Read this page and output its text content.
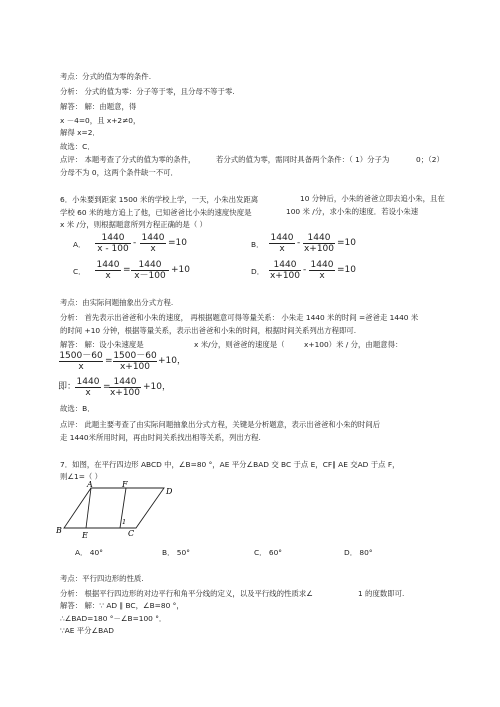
考点：分式的值为零的条件.
分析： 分式的值为零：分子等于零，且分母不等于零.
解答： 解：由题意，得
x －4=0，且 x+2≠0，
解得 x=2．
故选：C．
点评： 本题考查了分式的值为零的条件，	若分式的值为零，需同时具备两个条件：（ 1）分子为	0；（2）
分母不为 0，这两个条件缺一不可．
6．小朱要到距家 1500 米的学校上学，一天，小朱出发距离	10 分钟后，小朱的爸爸立即去追小朱，且在
学校 60 米的地方追上了他，已知爸爸比小朱的速度快度是	100 米 /分，求小朱的速度．若设小朱速
x 米 /分，则根据题意所列方程正确的是（ ）
A．
1440
x - 100
- 1440
x
=10	B．
1440
x
- 1440
x+100
=10
C．
1440
x
= 1440
x－100
+10	D．
1440
x+100
- 1440
x
=10
考点：由实际问题抽象出分式方程.
分析： 首先表示出爸爸和小朱的速度， 再根据题意可得等量关系： 小朱走 1440 米的时间 =爸爸走 1440 米
的时间 +10 分钟，根据等量关系，表示出爸爸和小朱的时间，根据时间关系列出方程即可.
解答： 解：设小朱速度是	x 米/分，则爸爸的速度是（	x+100）米 / 分，由题意得：
1500－60
x
= 1500－60
x+100
+10，
即： 1440
x
= 1440
x+100
+10，
故选：B．
点评： 此题主要考查了由实际问题抽象出分式方程，关键是分析题意，表示出爸爸和小朱的时间后
走 1440米所用时间，再由时间关系找出相等关系，列出方程.
7．如图，在平行四边形 ABCD 中，∠B=80 °，AE 平分∠BAD 交 BC 于点 E，CF∥ AE 交AD 于点 F，
则∠1=（ ）
A	F
D
B
E	C
1
A． 40°	B． 50°	C． 60°	D． 80°
考点：平行四边形的性质.
分析： 根据平行四边形的对边平行和角平分线的定义，以及平行线的性质求∠	1 的度数即可.
解答： 解：∵ AD ∥ BC，∠B=80 °，
∴∠BAD=180 °－∠B=100 °．
∵AE 平分∠BAD
